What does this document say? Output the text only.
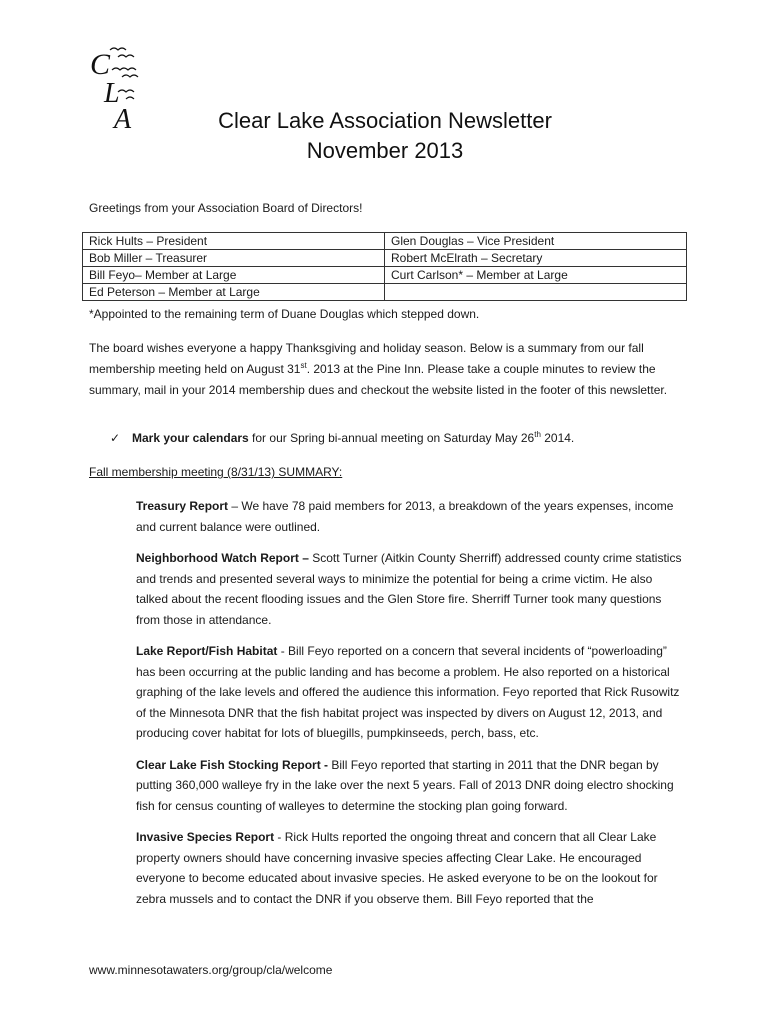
C
L
A	Clear Lake Association Newsletter
November 2013
Greetings from your Association Board of Directors!
Rick Hults – President	Glen Douglas – Vice President
Bob Miller – Treasurer	Robert McElrath – Secretary
Bill Feyo– Member at Large	Curt Carlson* – Member at Large
Ed Peterson – Member at Large	
*Appointed to the remaining term of Duane Douglas which stepped down.
The board wishes everyone a happy Thanksgiving and holiday season. Below is a summary from our fall membership meeting held on August 31st. 2013 at the Pine Inn. Please take a couple minutes to review the summary, mail in your 2014 membership dues and checkout the website listed in the footer of this newsletter.
✓ Mark your calendars for our Spring bi-annual meeting on Saturday May 26th 2014.
Fall membership meeting (8/31/13) SUMMARY:
Treasury Report – We have 78 paid members for 2013, a breakdown of the years expenses, income and current balance were outlined.
Neighborhood Watch Report – Scott Turner (Aitkin County Sherriff) addressed county crime statistics and trends and presented several ways to minimize the potential for being a crime victim. He also talked about the recent flooding issues and the Glen Store fire. Sherriff Turner took many questions from those in attendance.
Lake Report/Fish Habitat - Bill Feyo reported on a concern that several incidents of “powerloading” has been occurring at the public landing and has become a problem. He also reported on a historical graphing of the lake levels and offered the audience this information. Feyo reported that Rick Rusowitz of the Minnesota DNR that the fish habitat project was inspected by divers on August 12, 2013, and producing cover habitat for lots of bluegills, pumpkinseeds, perch, bass, etc.
Clear Lake Fish Stocking Report - Bill Feyo reported that starting in 2011 that the DNR began by putting 360,000 walleye fry in the lake over the next 5 years. Fall of 2013 DNR doing electro shocking fish for census counting of walleyes to determine the stocking plan going forward.
Invasive Species Report - Rick Hults reported the ongoing threat and concern that all Clear Lake property owners should have concerning invasive species affecting Clear Lake. He encouraged everyone to become educated about invasive species. He asked everyone to be on the lookout for zebra mussels and to contact the DNR if you observe them. Bill Feyo reported that the
www.minnesotawaters.org/group/cla/welcome
